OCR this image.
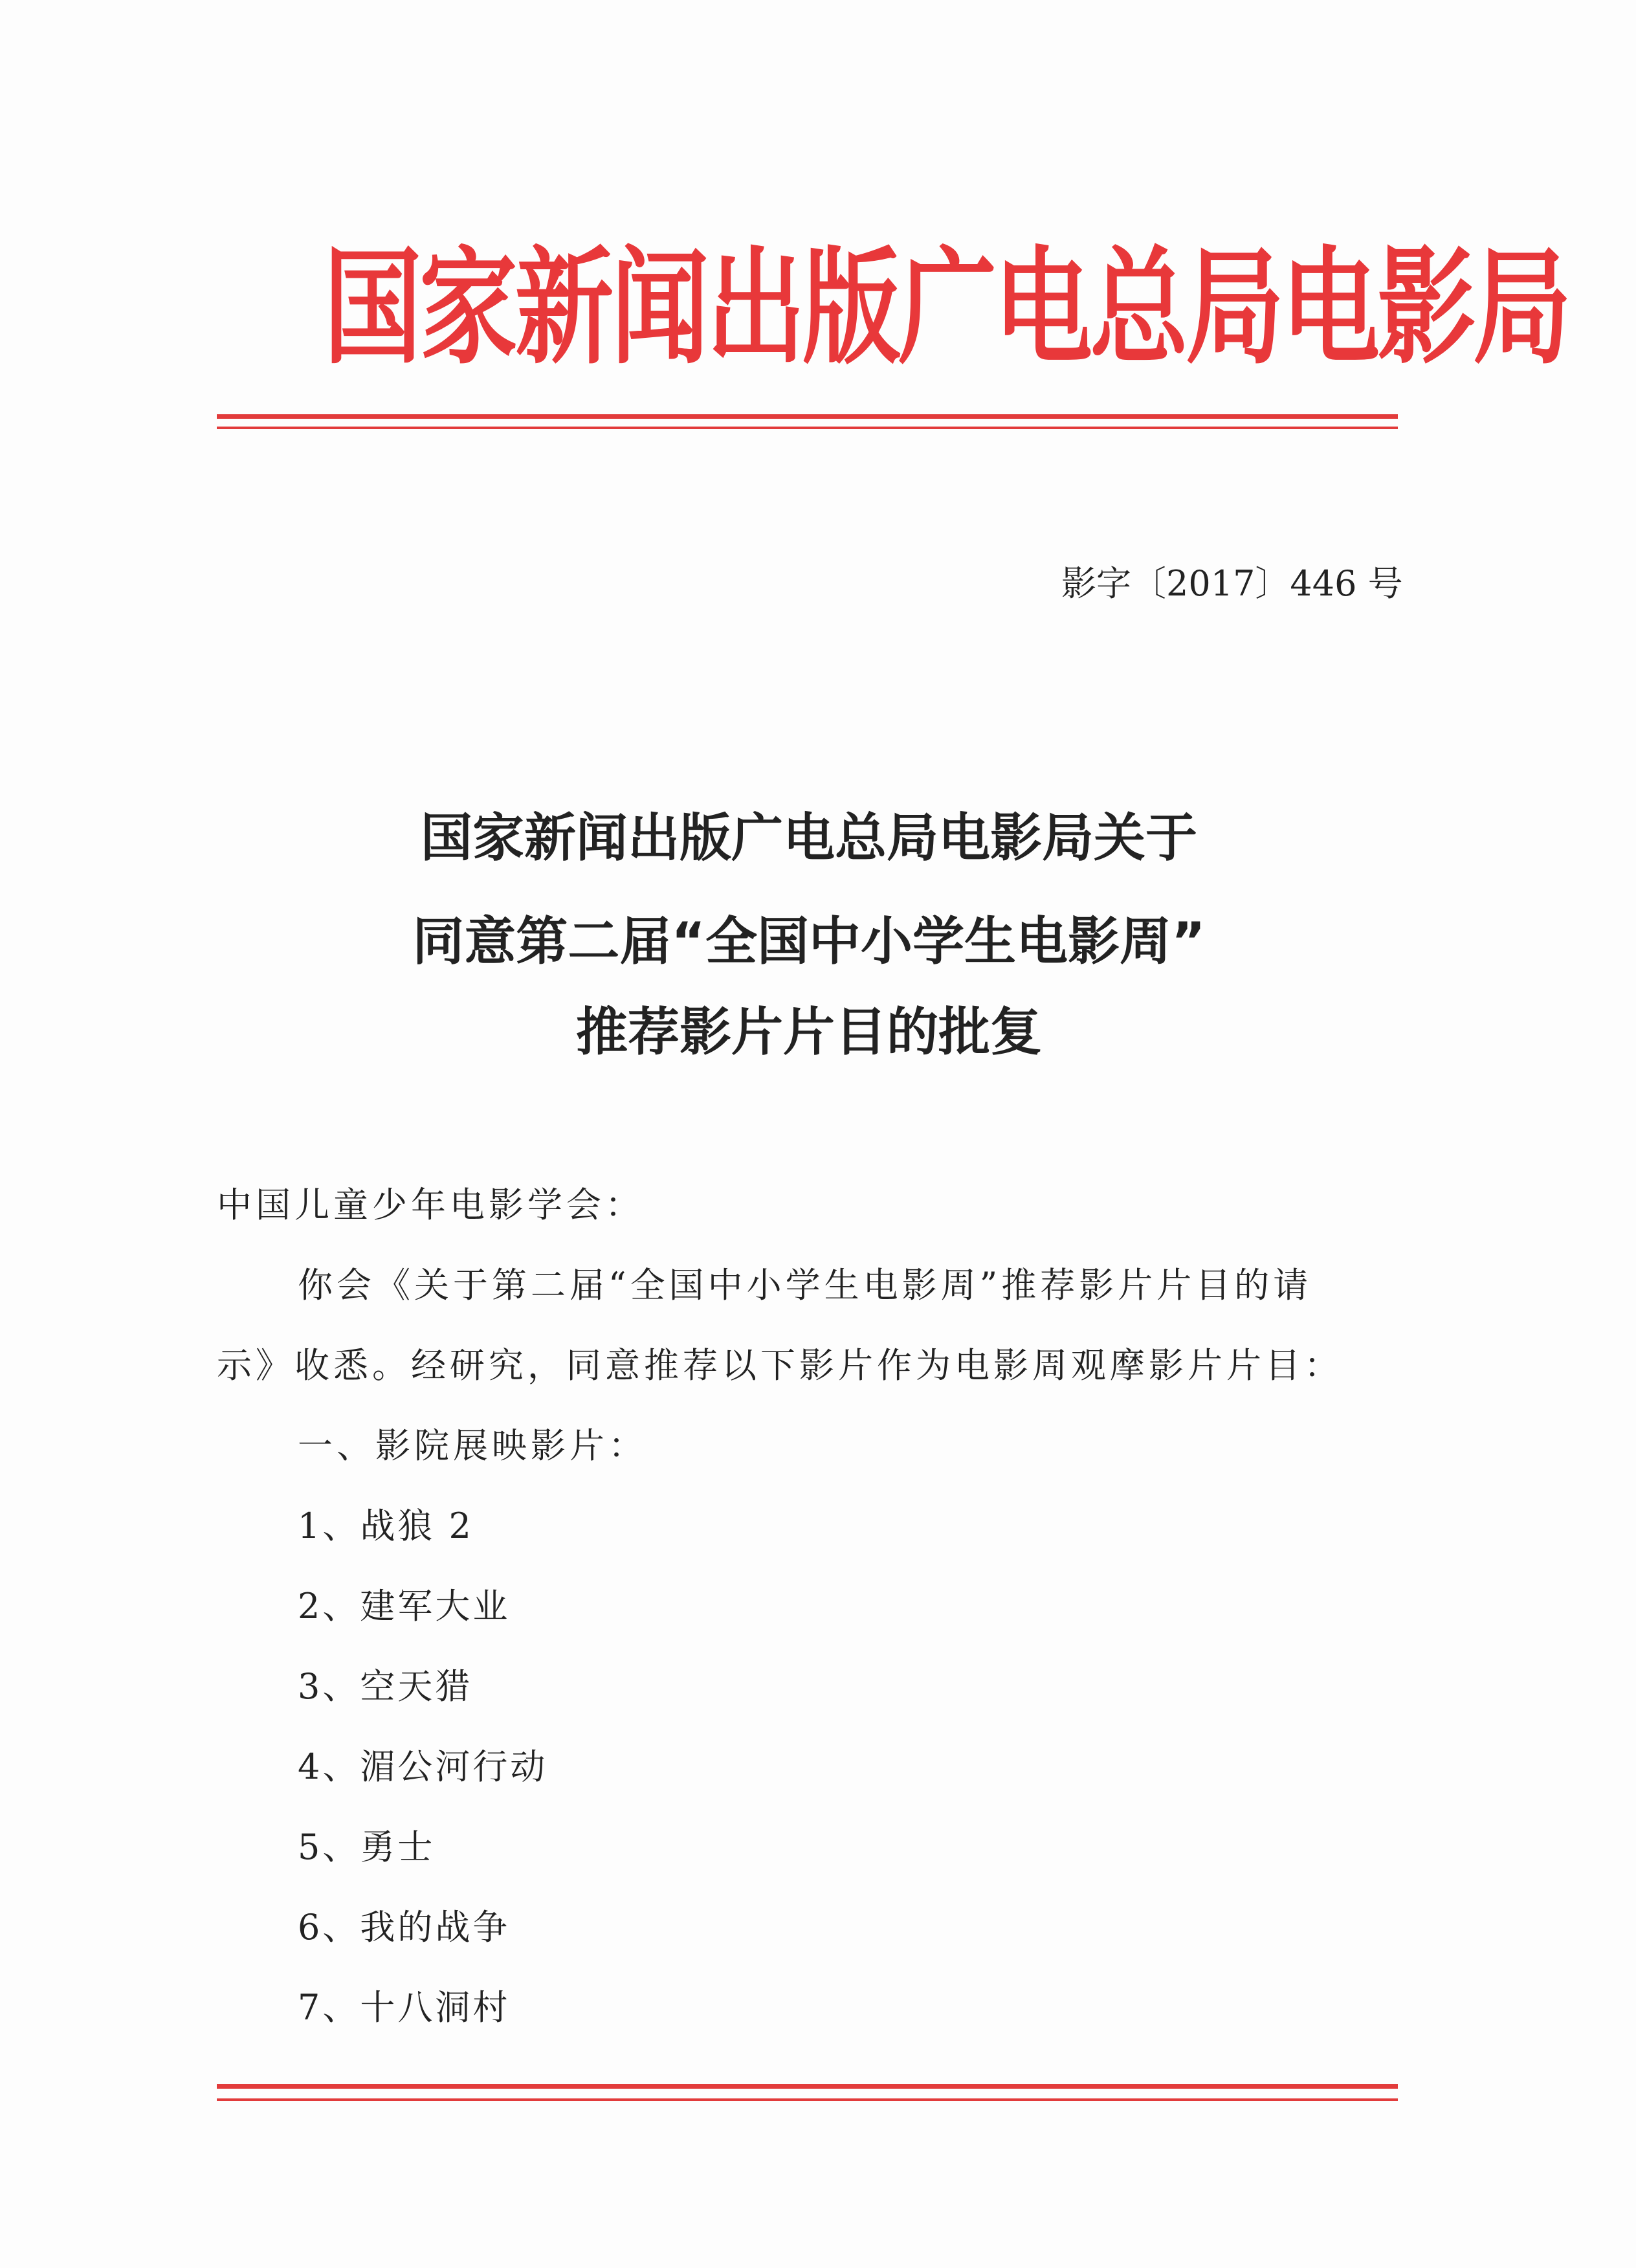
国家新闻出版广电总局电影局
影字〔2017〕446 号
国家新闻出版广电总局电影局关于
同意第二届“全国中小学生电影周”
推荐影片片目的批复
中国儿童少年电影学会：
你会《关于第二届“全国中小学生电影周”推荐影片片目的请
示》收悉。经研究，同意推荐以下影片作为电影周观摩影片片目：
一、影院展映影片：
1、战狼 2
2、建军大业
3、空天猎
4、湄公河行动
5、勇士
6、我的战争
7、十八洞村
